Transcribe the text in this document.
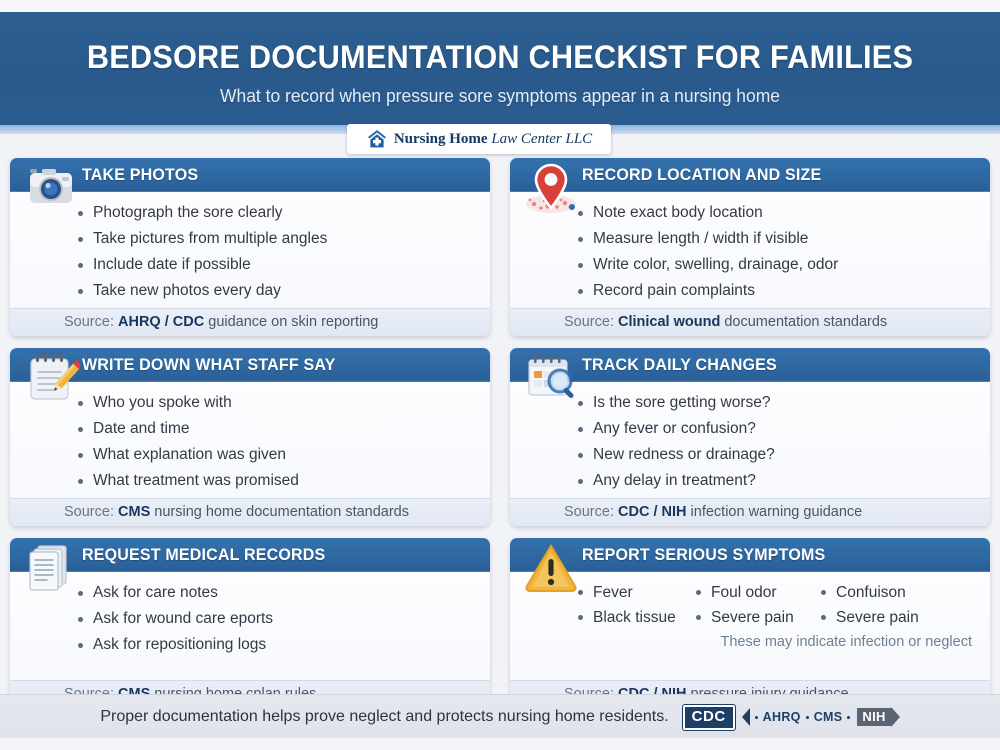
BEDSORE DOCUMENTATION CHECKIST FOR FAMILIES
What to record when pressure sore symptoms appear in a nursing home
Nursing Home Law Center LLC
TAKE PHOTOS
Photograph the sore clearly
Take pictures from multiple angles
Include date if possible
Take new photos every day
Source: AHRQ / CDC guidance on skin reporting
RECORD LOCATION AND SIZE
Note exact body location
Measure length / width if visible
Write color, swelling, drainage, odor
Record pain complaints
Source: Clinical wound documentation standards
WRITE DOWN WHAT STAFF SAY
Who you spoke with
Date and time
What explanation was given
What treatment was promised
Source: CMS nursing home documentation standards
TRACK DAILY CHANGES
Is the sore getting worse?
Any fever or confusion?
New redness or drainage?
Any delay in treatment?
Source: CDC / NIH infection warning guidance
REQUEST MEDICAL RECORDS
Ask for care notes
Ask for wound care eports
Ask for repositioning logs
REPORT SERIOUS SYMPTOMS
Fever
Black tissue
Foul odor
Severe pain
Confuison
Severe pain
These may indicate infection or neglect
Proper documentation helps prove neglect and protects nursing home residents.	CDC	AHRQ CMS	NIH
